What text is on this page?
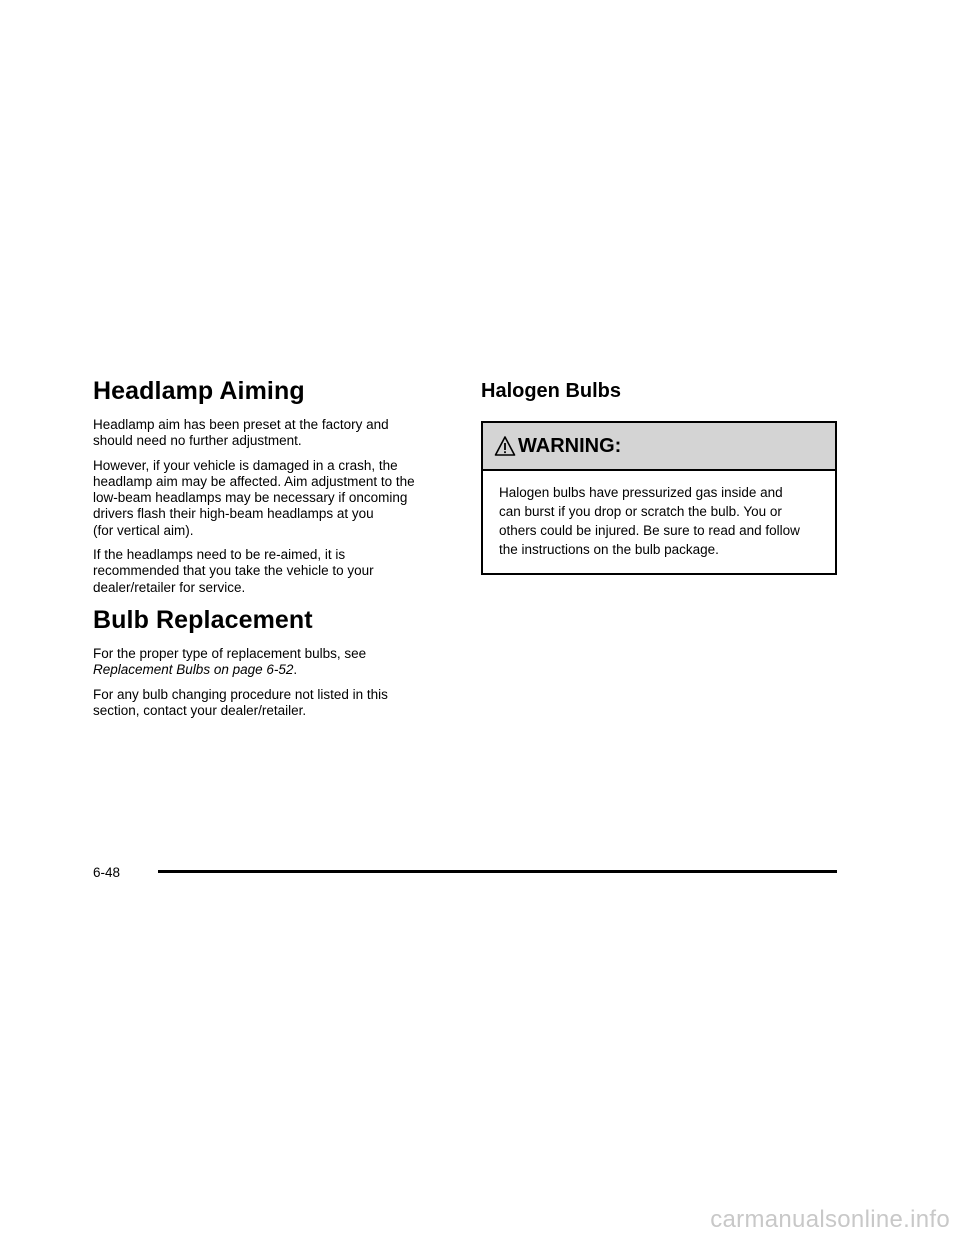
Headlamp Aiming

Headlamp aim has been preset at the factory and
should need no further adjustment.

However, if your vehicle is damaged in a crash, the
headlamp aim may be affected. Aim adjustment to the
low-beam headlamps may be necessary if oncoming
drivers flash their high-beam headlamps at you
(for vertical aim).

If the headlamps need to be re-aimed, it is
recommended that you take the vehicle to your
dealer/retailer for service.

Bulb Replacement

For the proper type of replacement bulbs, see
Replacement Bulbs on page 6-52.

For any bulb changing procedure not listed in this
section, contact your dealer/retailer.

Halogen Bulbs
WARNING:
Halogen bulbs have pressurized gas inside and
can burst if you drop or scratch the bulb. You or
others could be injured. Be sure to read and follow
the instructions on the bulb package.
6-48
carmanualsonline.info
